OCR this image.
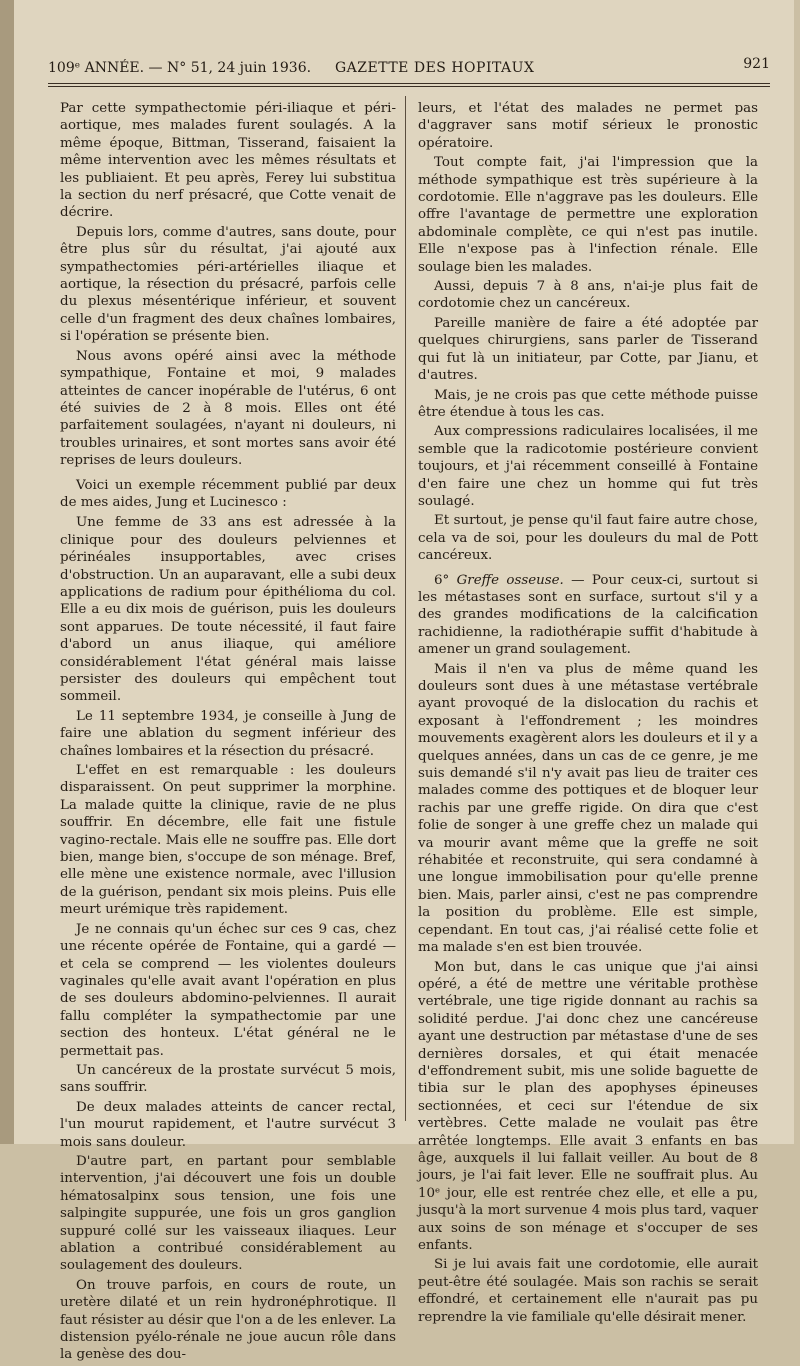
109ᵉ ANNÉE. — N° 51, 24 juin 1936. GAZETTE DES HOPITAUX	921

Par cette sympathectomie péri-iliaque et péri-aortique, mes malades furent soulagés. A la même époque, Bittman, Tisserand, faisaient la même intervention avec les mêmes résultats et les publiaient. Et peu après, Ferey lui substitua la section du nerf présacré, que Cotte venait de décrire.

Depuis lors, comme d'autres, sans doute, pour être plus sûr du résultat, j'ai ajouté aux sympathectomies péri-artérielles iliaque et aortique, la résection du présacré, parfois celle du plexus mésentérique inférieur, et souvent celle d'un fragment des deux chaînes lombaires, si l'opération se présente bien.

Nous avons opéré ainsi avec la méthode sympathique, Fontaine et moi, 9 malades atteintes de cancer inopérable de l'utérus, 6 ont été suivies de 2 à 8 mois. Elles ont été parfaitement soulagées, n'ayant ni douleurs, ni troubles urinaires, et sont mortes sans avoir été reprises de leurs douleurs.

Voici un exemple récemment publié par deux de mes aides, Jung et Lucinesco :

Une femme de 33 ans est adressée à la clinique pour des douleurs pelviennes et périnéales insupportables, avec crises d'obstruction. Un an auparavant, elle a subi deux applications de radium pour épithélioma du col. Elle a eu dix mois de guérison, puis les douleurs sont apparues. De toute nécessité, il faut faire d'abord un anus iliaque, qui améliore considérablement l'état général mais laisse persister des douleurs qui empêchent tout sommeil.

Le 11 septembre 1934, je conseille à Jung de faire une ablation du segment inférieur des chaînes lombaires et la résection du présacré.

L'effet en est remarquable : les douleurs disparaissent. On peut supprimer la morphine. La malade quitte la clinique, ravie de ne plus souffrir. En décembre, elle fait une fistule vagino-rectale. Mais elle ne souffre pas. Elle dort bien, mange bien, s'occupe de son ménage. Bref, elle mène une existence normale, avec l'illusion de la guérison, pendant six mois pleins. Puis elle meurt urémique très rapidement.

Je ne connais qu'un échec sur ces 9 cas, chez une récente opérée de Fontaine, qui a gardé — et cela se comprend — les violentes douleurs vaginales qu'elle avait avant l'opération en plus de ses douleurs abdomino-pelviennes. Il aurait fallu compléter la sympathectomie par une section des honteux. L'état général ne le permettait pas.

Un cancéreux de la prostate survécut 5 mois, sans souffrir.

De deux malades atteints de cancer rectal, l'un mourut rapidement, et l'autre survécut 3 mois sans douleur.

D'autre part, en partant pour semblable intervention, j'ai découvert une fois un double hématosalpinx sous tension, une fois une salpingite suppurée, une fois un gros ganglion suppuré collé sur les vaisseaux iliaques. Leur ablation a contribué considérablement au soulagement des douleurs.

On trouve parfois, en cours de route, un uretère dilaté et un rein hydronéphrotique. Il faut résister au désir que l'on a de les enlever. La distension pyélo-rénale ne joue aucun rôle dans la genèse des dou-

leurs, et l'état des malades ne permet pas d'aggraver sans motif sérieux le pronostic opératoire.

Tout compte fait, j'ai l'impression que la méthode sympathique est très supérieure à la cordotomie. Elle n'aggrave pas les douleurs. Elle offre l'avantage de permettre une exploration abdominale complète, ce qui n'est pas inutile. Elle n'expose pas à l'infection rénale. Elle soulage bien les malades.

Aussi, depuis 7 à 8 ans, n'ai-je plus fait de cordotomie chez un cancéreux.

Pareille manière de faire a été adoptée par quelques chirurgiens, sans parler de Tisserand qui fut là un initiateur, par Cotte, par Jianu, et d'autres.

Mais, je ne crois pas que cette méthode puisse être étendue à tous les cas.

Aux compressions radiculaires localisées, il me semble que la radicotomie postérieure convient toujours, et j'ai récemment conseillé à Fontaine d'en faire une chez un homme qui fut très soulagé.

Et surtout, je pense qu'il faut faire autre chose, cela va de soi, pour les douleurs du mal de Pott cancéreux.

6° Greffe osseuse. — Pour ceux-ci, surtout si les métastases sont en surface, surtout s'il y a des grandes modifications de la calcification rachidienne, la radiothérapie suffit d'habitude à amener un grand soulagement.

Mais il n'en va plus de même quand les douleurs sont dues à une métastase vertébrale ayant provoqué de la dislocation du rachis et exposant à l'effondrement ; les moindres mouvements exagèrent alors les douleurs et il y a quelques années, dans un cas de ce genre, je me suis demandé s'il n'y avait pas lieu de traiter ces malades comme des pottiques et de bloquer leur rachis par une greffe rigide. On dira que c'est folie de songer à une greffe chez un malade qui va mourir avant même que la greffe ne soit réhabitée et reconstruite, qui sera condamné à une longue immobilisation pour qu'elle prenne bien. Mais, parler ainsi, c'est ne pas comprendre la position du problème. Elle est simple, cependant. En tout cas, j'ai réalisé cette folie et ma malade s'en est bien trouvée.

Mon but, dans le cas unique que j'ai ainsi opéré, a été de mettre une véritable prothèse vertébrale, une tige rigide donnant au rachis sa solidité perdue. J'ai donc chez une cancéreuse ayant une destruction par métastase d'une de ses dernières dorsales, et qui était menacée d'effondrement subit, mis une solide baguette de tibia sur le plan des apophyses épineuses sectionnées, et ceci sur l'étendue de six vertèbres. Cette malade ne voulait pas être arrêtée longtemps. Elle avait 3 enfants en bas âge, auxquels il lui fallait veiller. Au bout de 8 jours, je l'ai fait lever. Elle ne souffrait plus. Au 10ᵉ jour, elle est rentrée chez elle, et elle a pu, jusqu'à la mort survenue 4 mois plus tard, vaquer aux soins de son ménage et s'occuper de ses enfants.

Si je lui avais fait une cordotomie, elle aurait peut-être été soulagée. Mais son rachis se serait effondré, et certainement elle n'aurait pas pu reprendre la vie familiale qu'elle désirait mener.
